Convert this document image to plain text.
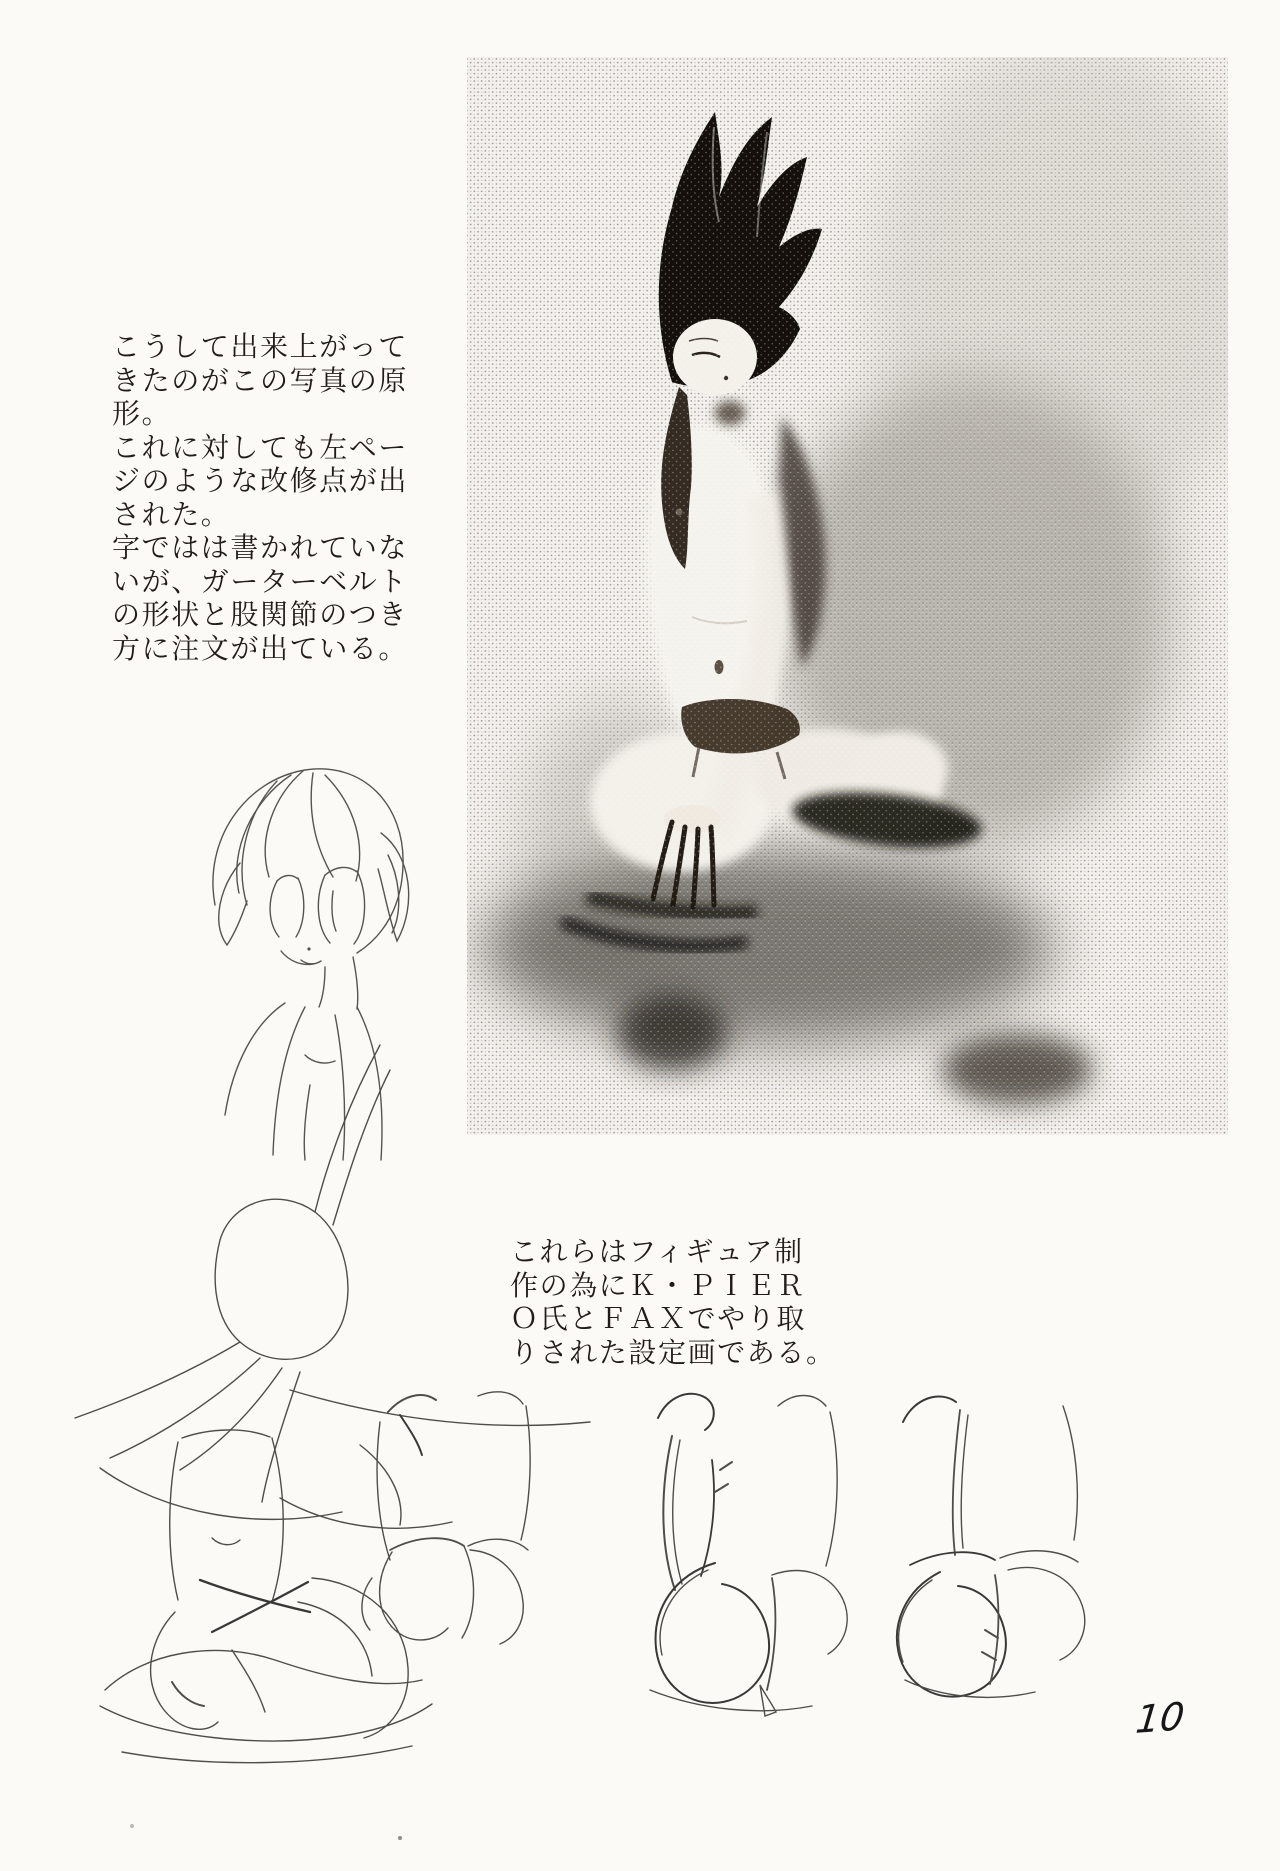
こうして出来上がって
きたのがこの写真の原
形。
これに対しても左ペー
ジのような改修点が出
された。
字ではは書かれていな
いが、ガーターベルト
の形状と股関節のつき
方に注文が出ている。
これらはフィギュア制
作の為にＫ・ＰＩＥＲ
Ｏ氏とＦＡＸでやり取
りされた設定画である。
10
